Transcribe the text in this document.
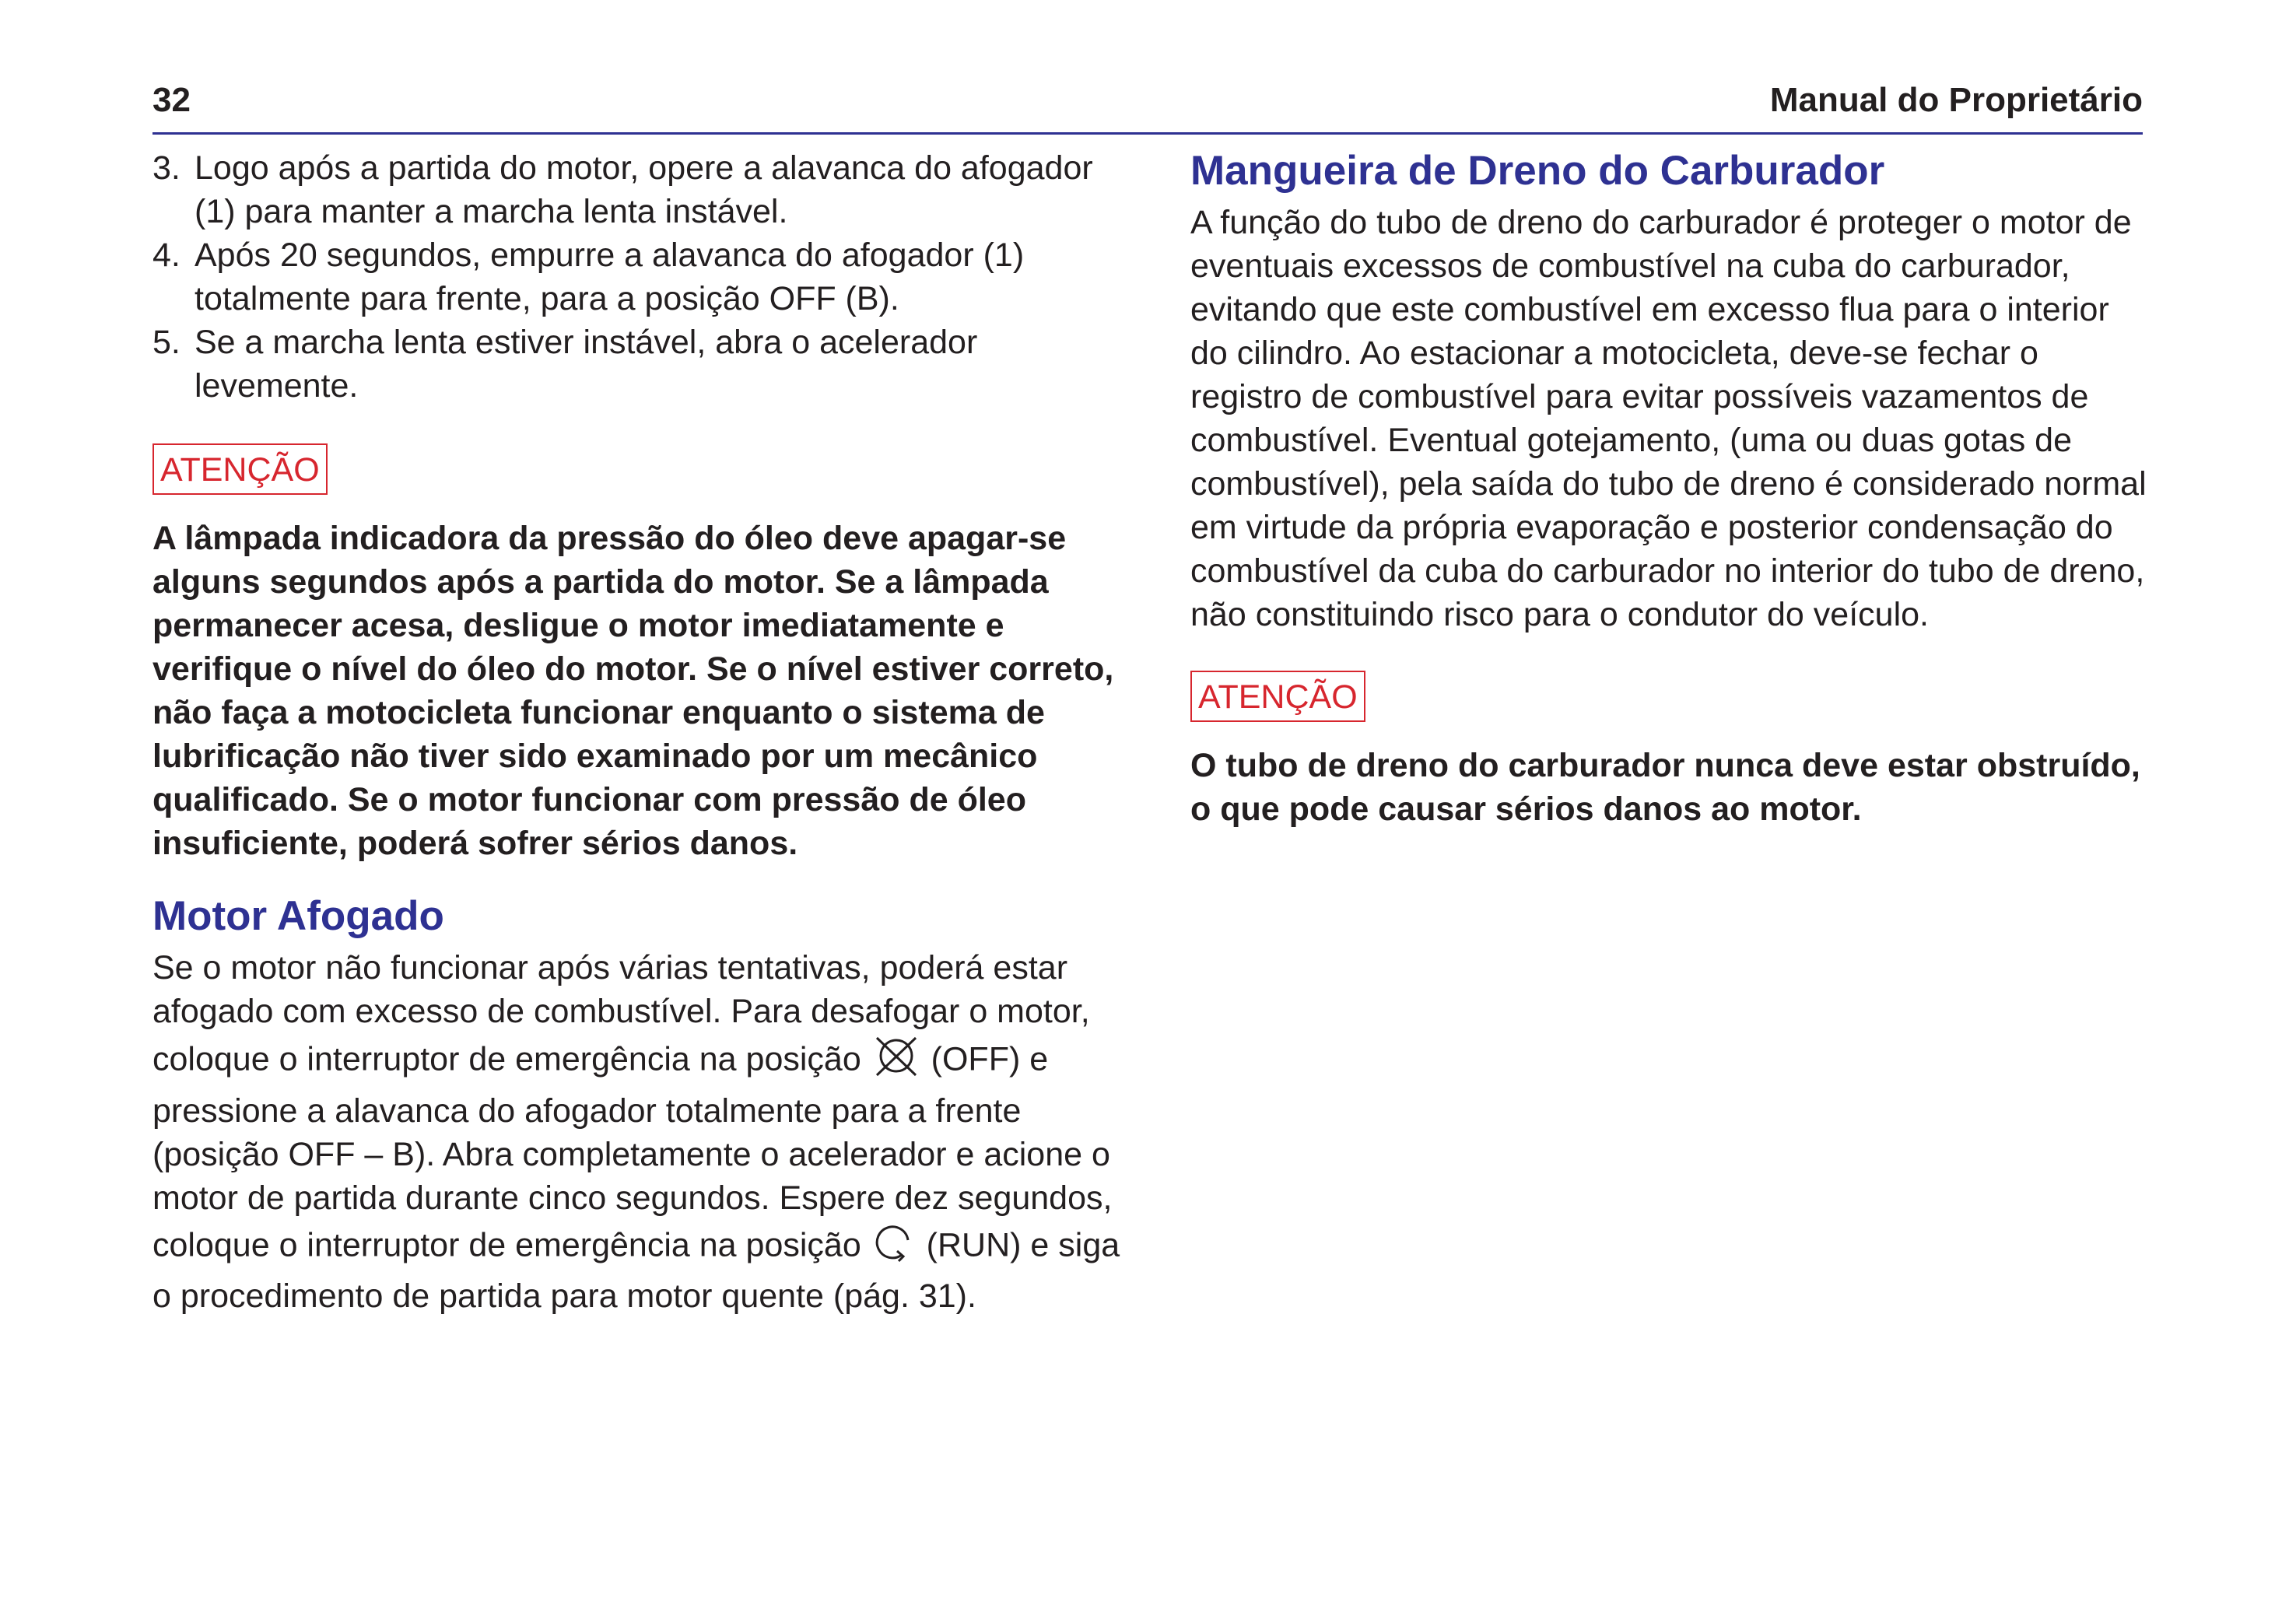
32	Manual do Proprietário
3. Logo após a partida do motor, opere a alavanca do afogador (1) para manter a marcha lenta instável.
4. Após 20 segundos, empurre a alavanca do afogador (1) totalmente para frente, para a posição OFF (B).
5. Se a marcha lenta estiver instável, abra o acelerador levemente.
ATENÇÃO

A lâmpada indicadora da pressão do óleo deve apagar-se alguns segundos após a partida do motor. Se a lâmpada permanecer acesa, desligue o motor imediatamente e verifique o nível do óleo do motor. Se o nível estiver correto, não faça a motocicleta funcionar enquanto o sistema de lubrificação não tiver sido examinado por um mecânico qualificado. Se o motor funcionar com pressão de óleo insuficiente, poderá sofrer sérios danos.

Motor Afogado

Se o motor não funcionar após várias tentativas, poderá estar afogado com excesso de combustível. Para desafogar o motor, coloque o interruptor de emergência na posição (OFF) e pressione a alavanca do afogador totalmente para a frente (posição OFF – B). Abra completamente o acelerador e acione o motor de partida durante cinco segundos. Espere dez segundos, coloque o interruptor de emergência na posição (RUN) e siga o procedimento de partida para motor quente (pág. 31).

Mangueira de Dreno do Carburador

A função do tubo de dreno do carburador é proteger o motor de eventuais excessos de combustível na cuba do carburador, evitando que este combustível em excesso flua para o interior do cilindro. Ao estacionar a motocicleta, deve-se fechar o registro de combustível para evitar possíveis vazamentos de combustível. Eventual gotejamento, (uma ou duas gotas de combustível), pela saída do tubo de dreno é considerado normal em virtude da própria evaporação e posterior condensação do combustível da cuba do carburador no interior do tubo de dreno, não constituindo risco para o condutor do veículo.

ATENÇÃO

O tubo de dreno do carburador nunca deve estar obstruído, o que pode causar sérios danos ao motor.
